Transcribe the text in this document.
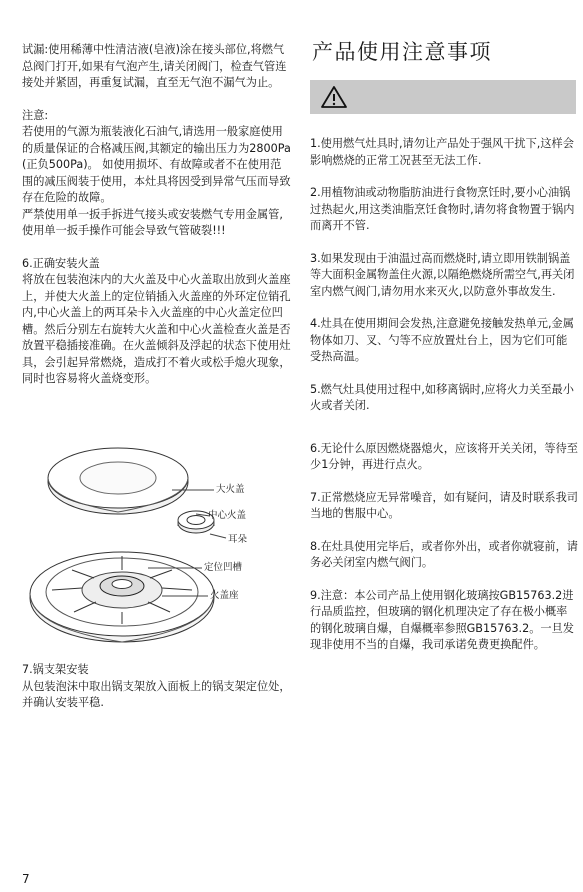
试漏:使用稀薄中性清洁液(皂液)涂在接头部位,将燃气总阀门打开,如果有气泡产生,请关闭阀门，检查气管连接处并紧固，再重复试漏，直至无气泡不漏气为止。

注意:

若使用的气源为瓶装液化石油气,请选用一般家庭使用的质量保证的合格减压阀,其额定的输出压力为2800Pa(正负500Pa)。 如使用损坏、有故障或者不在使用范围的减压阀装于使用，本灶具将因受到异常气压而导致存在危险的故障。

严禁使用单一扳手拆进气接头或安装燃气专用金属管,使用单一扳手操作可能会导致气管破裂!!!

6.正确安装火盖

将放在包装泡沫内的大火盖及中心火盖取出放到火盖座上，并使大火盖上的定位销插入火盖座的外环定位销孔内,中心火盖上的两耳朵卡入火盖座的中心火盖定位凹槽。然后分别左右旋转大火盖和中心火盖检查火盖是否放置平稳插接准确。在火盖倾斜及浮起的状态下使用灶具，会引起异常燃烧，造成打不着火或松手熄火现象，同时也容易将火盖烧变形。

大火盖
中心火盖
耳朵
定位凹槽
火盖座

7.锅支架安装

从包装泡沫中取出锅支架放入面板上的锅支架定位处，并确认安装平稳.

产品使用注意事项

1.使用燃气灶具时,请勿让产品处于强风干扰下,这样会影响燃烧的正常工况甚至无法工作.

2.用植物油或动物脂肪油进行食物烹饪时,要小心油锅过热起火,用这类油脂烹饪食物时,请勿将食物置于锅内而离开不管.

3.如果发现由于油温过高而燃烧时,请立即用铁制锅盖等大面积金属物盖住火源,以隔绝燃烧所需空气,再关闭室内燃气阀门,请勿用水来灭火,以防意外事故发生.

4.灶具在使用期间会发热,注意避免接触发热单元,金属物体如刀、叉、勺等不应放置灶台上，因为它们可能受热高温。

5.燃气灶具使用过程中,如移离锅时,应将火力关至最小火或者关闭.

6.无论什么原因燃烧器熄火，应该将开关关闭，等待至少1分钟，再进行点火。

7.正常燃烧应无异常噪音，如有疑问，请及时联系我司当地的售服中心。

8.在灶具使用完毕后，或者你外出，或者你就寝前，请务必关闭室内燃气阀门。

9.注意：本公司产品上使用钢化玻璃按GB15763.2进行品质监控，但玻璃的钢化机理决定了存在极小概率的钢化玻璃自爆，自爆概率参照GB15763.2。一旦发现非使用不当的自爆，我司承诺免费更换配件。

7
